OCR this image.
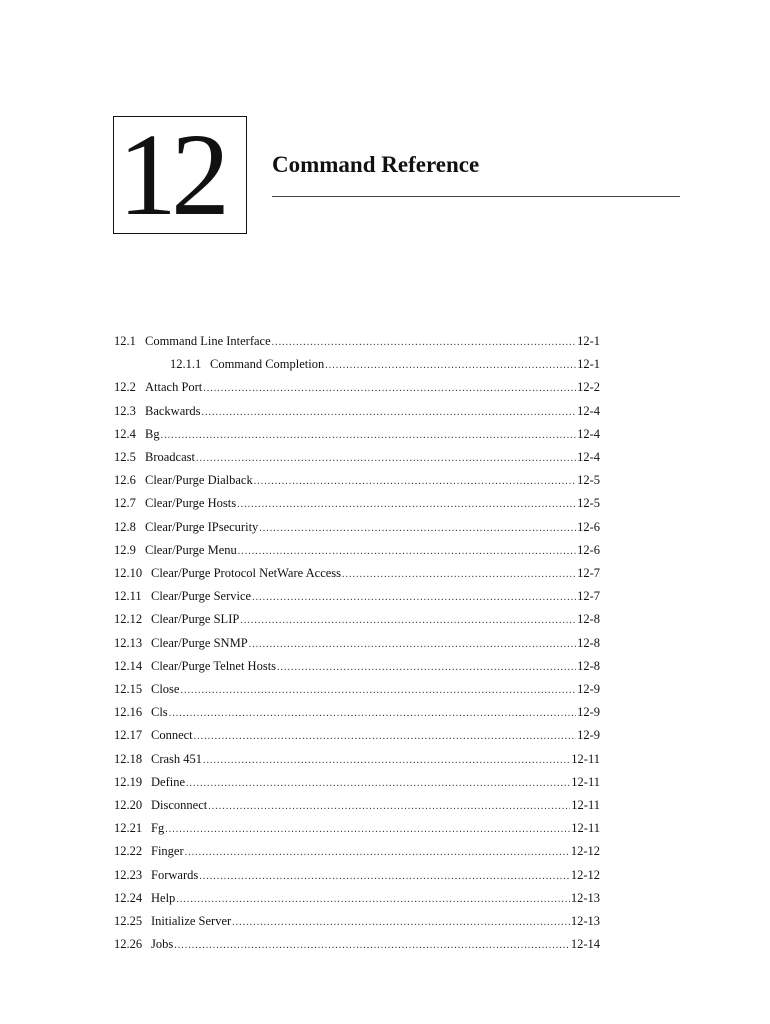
12	Command Reference
12.1 Command Line Interface .....	12-1
12.1.1 Command Completion .....	12-1
12.2 Attach Port .....	12-2
12.3 Backwards .....	12-4
12.4 Bg .....	12-4
12.5 Broadcast .....	12-4
12.6 Clear/Purge Dialback .....	12-5
12.7 Clear/Purge Hosts .....	12-5
12.8 Clear/Purge IPsecurity .....	12-6
12.9 Clear/Purge Menu .....	12-6
12.10 Clear/Purge Protocol NetWare Access .....	12-7
12.11 Clear/Purge Service .....	12-7
12.12 Clear/Purge SLIP .....	12-8
12.13 Clear/Purge SNMP .....	12-8
12.14 Clear/Purge Telnet Hosts .....	12-8
12.15 Close .....	12-9
12.16 Cls .....	12-9
12.17 Connect .....	12-9
12.18 Crash 451 .....	12-11
12.19 Define .....	12-11
12.20 Disconnect .....	12-11
12.21 Fg .....	12-11
12.22 Finger .....	12-12
12.23 Forwards .....	12-12
12.24 Help .....	12-13
12.25 Initialize Server .....	12-13
12.26 Jobs .....	12-14
